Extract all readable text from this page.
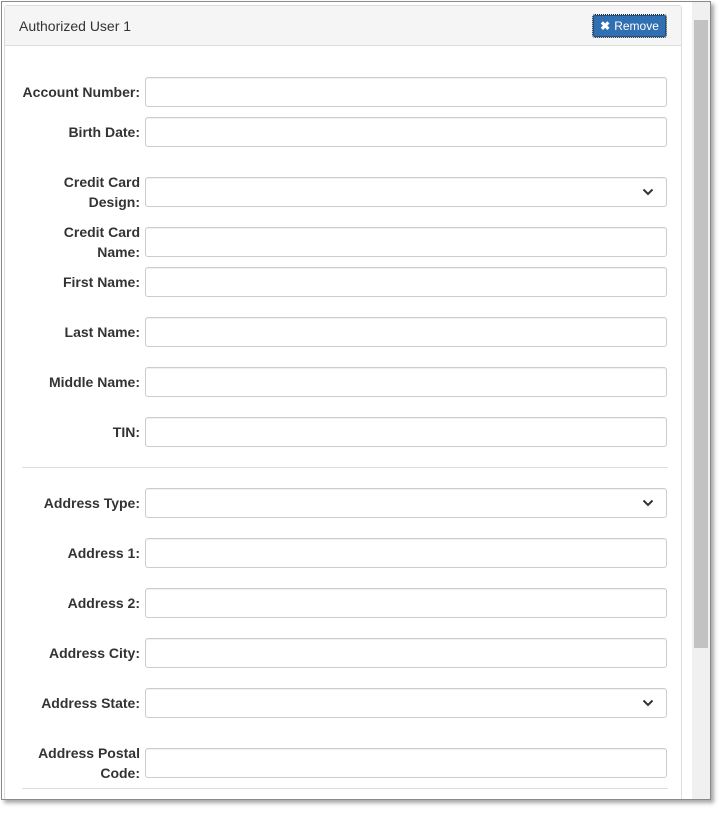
Authorized User 1	✖ Remove
Account Number:
Birth Date:
Credit Card Design:
Credit Card Name:
First Name:
Last Name:
Middle Name:
TIN:
Address Type:
Address 1:
Address 2:
Address City:
Address State:
Address Postal Code:
